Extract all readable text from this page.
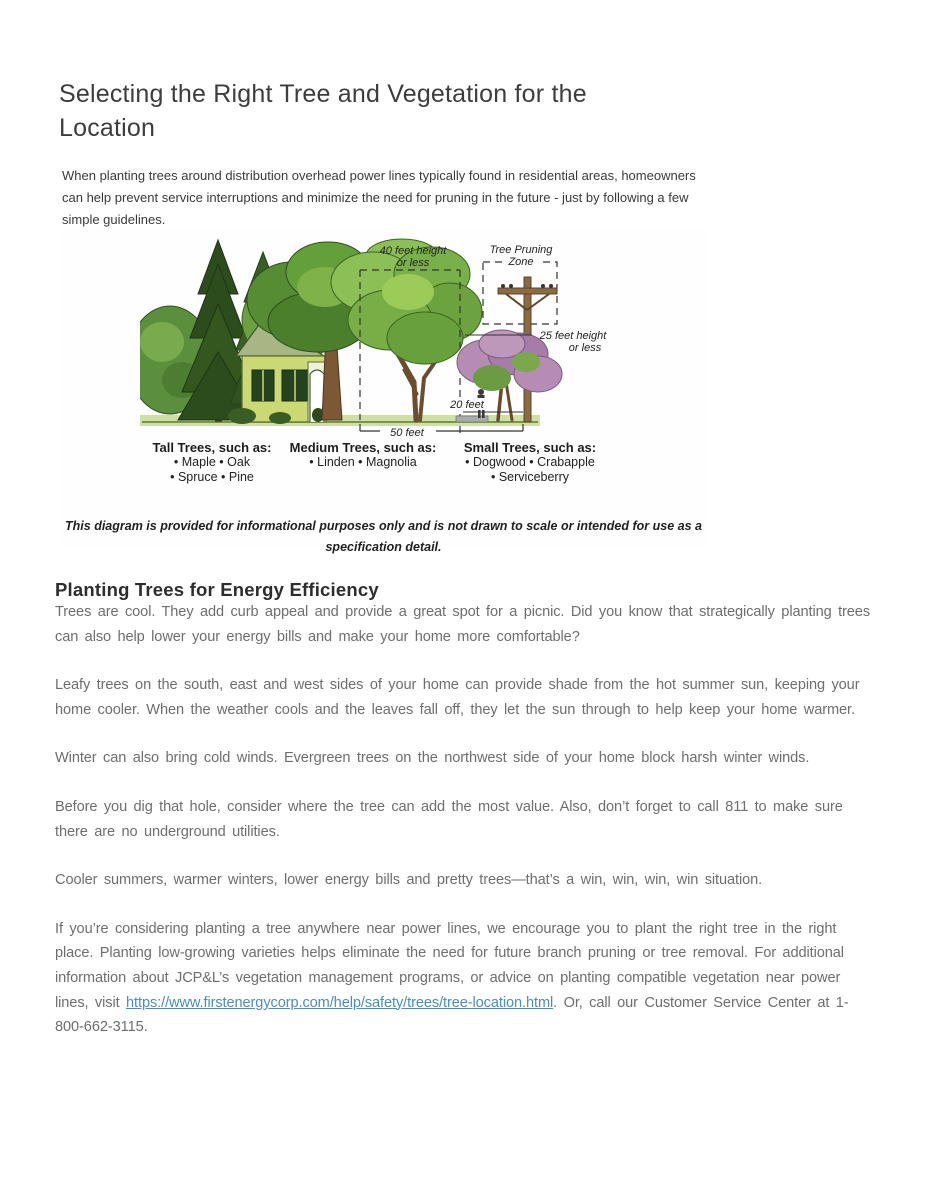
Selecting the Right Tree and Vegetation for the Location

When planting trees around distribution overhead power lines typically found in residential areas, homeowners can help prevent service interruptions and minimize the need for pruning in the future - just by following a few simple guidelines.

40 feet height
or less
Tree Pruning
Zone
25 feet height
or less
20 feet
50 feet
Tall Trees, such as:
• Maple • Oak
• Spruce • Pine
Medium Trees, such as:
• Linden • Magnolia
Small Trees, such as:
• Dogwood • Crabapple
• Serviceberry

This diagram is provided for informational purposes only and is not drawn to scale or intended for use as a specification detail.

Planting Trees for Energy Efficiency

Trees are cool. They add curb appeal and provide a great spot for a picnic. Did you know that strategically planting trees can also help lower your energy bills and make your home more comfortable?

Leafy trees on the south, east and west sides of your home can provide shade from the hot summer sun, keeping your home cooler. When the weather cools and the leaves fall off, they let the sun through to help keep your home warmer.

Winter can also bring cold winds. Evergreen trees on the northwest side of your home block harsh winter winds.

Before you dig that hole, consider where the tree can add the most value. Also, don’t forget to call 811 to make sure there are no underground utilities.

Cooler summers, warmer winters, lower energy bills and pretty trees—that’s a win, win, win, win situation.

If you’re considering planting a tree anywhere near power lines, we encourage you to plant the right tree in the right place. Planting low-growing varieties helps eliminate the need for future branch pruning or tree removal. For additional information about JCP&L’s vegetation management programs, or advice on planting compatible vegetation near power lines, visit https://www.firstenergycorp.com/help/safety/trees/tree-location.html. Or, call our Customer Service Center at 1-800-662-3115.
